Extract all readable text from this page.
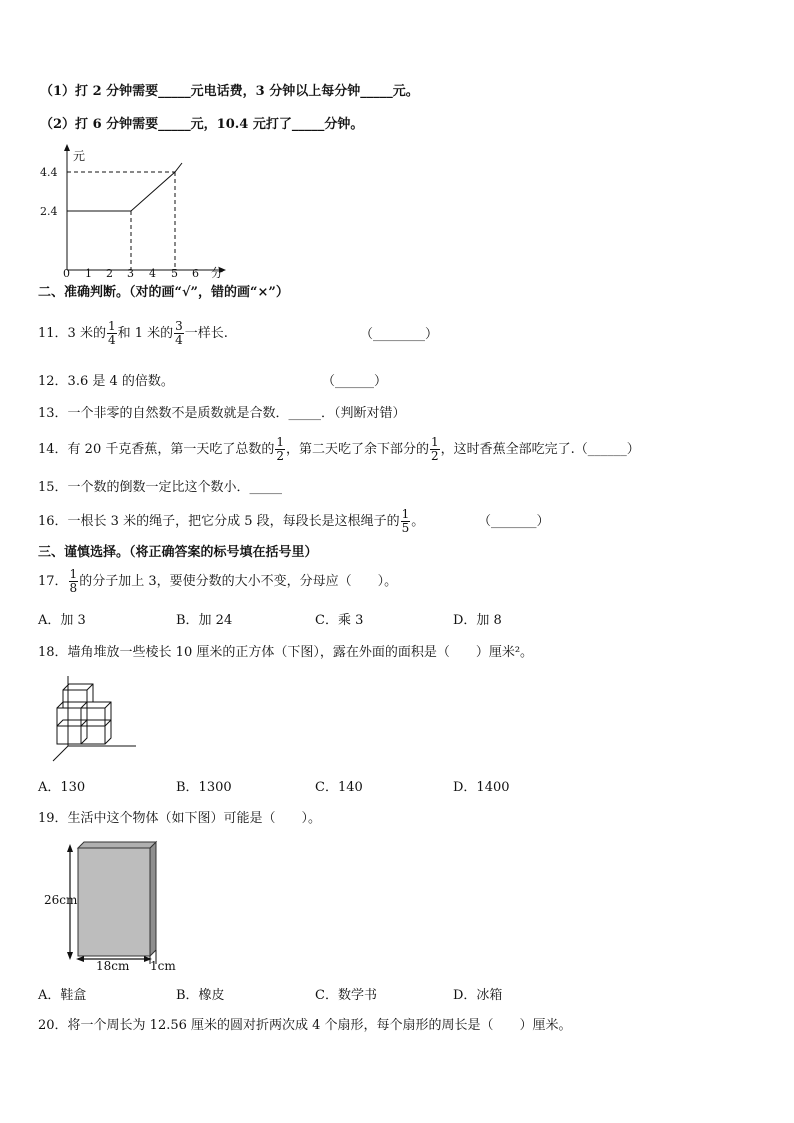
（1）打 2 分钟需要_____元电话费，3 分钟以上每分钟_____元。
（2）打 6 分钟需要_____元，10.4 元打了_____分钟。
元
4.4
2.4
0 1 2 3 4 5 6 分
二、准确判断。（对的画“√”，错的画“×”）
11．3 米的 $\frac{1}{4}$ 和 1 米的 $\frac{3}{4}$ 一样长.	（________）
12．3.6 是 4 的倍数。	（______）
13．一个非零的自然数不是质数就是合数．_____．（判断对错）
14．有 20 千克香蕉，第一天吃了总数的 $\frac{1}{2}$ ，第二天吃了余下部分的 $\frac{1}{2}$ ，这时香蕉全部吃完了.（______）
15．一个数的倒数一定比这个数小．_____
16．一根长 3 米的绳子，把它分成 5 段，每段长是这根绳子的 $\frac{1}{5}$ 。	（_______）
三、谨慎选择。（将正确答案的标号填在括号里）
17． $\frac{1}{8}$ 的分子加上 3，要使分数的大小不变，分母应（　　）。
A．加 3	B．加 24	C．乘 3	D．加 8
18．墙角堆放一些棱长 10 厘米的正方体（下图），露在外面的面积是（　　）厘米²。
A．130	B．1300	C．140	D．1400
19．生活中这个物体（如下图）可能是（　　）。
26cm
18cm 1cm
A．鞋盒	B．橡皮	C．数学书	D．冰箱
20．将一个周长为 12.56 厘米的圆对折两次成 4 个扇形，每个扇形的周长是（　　）厘米。
